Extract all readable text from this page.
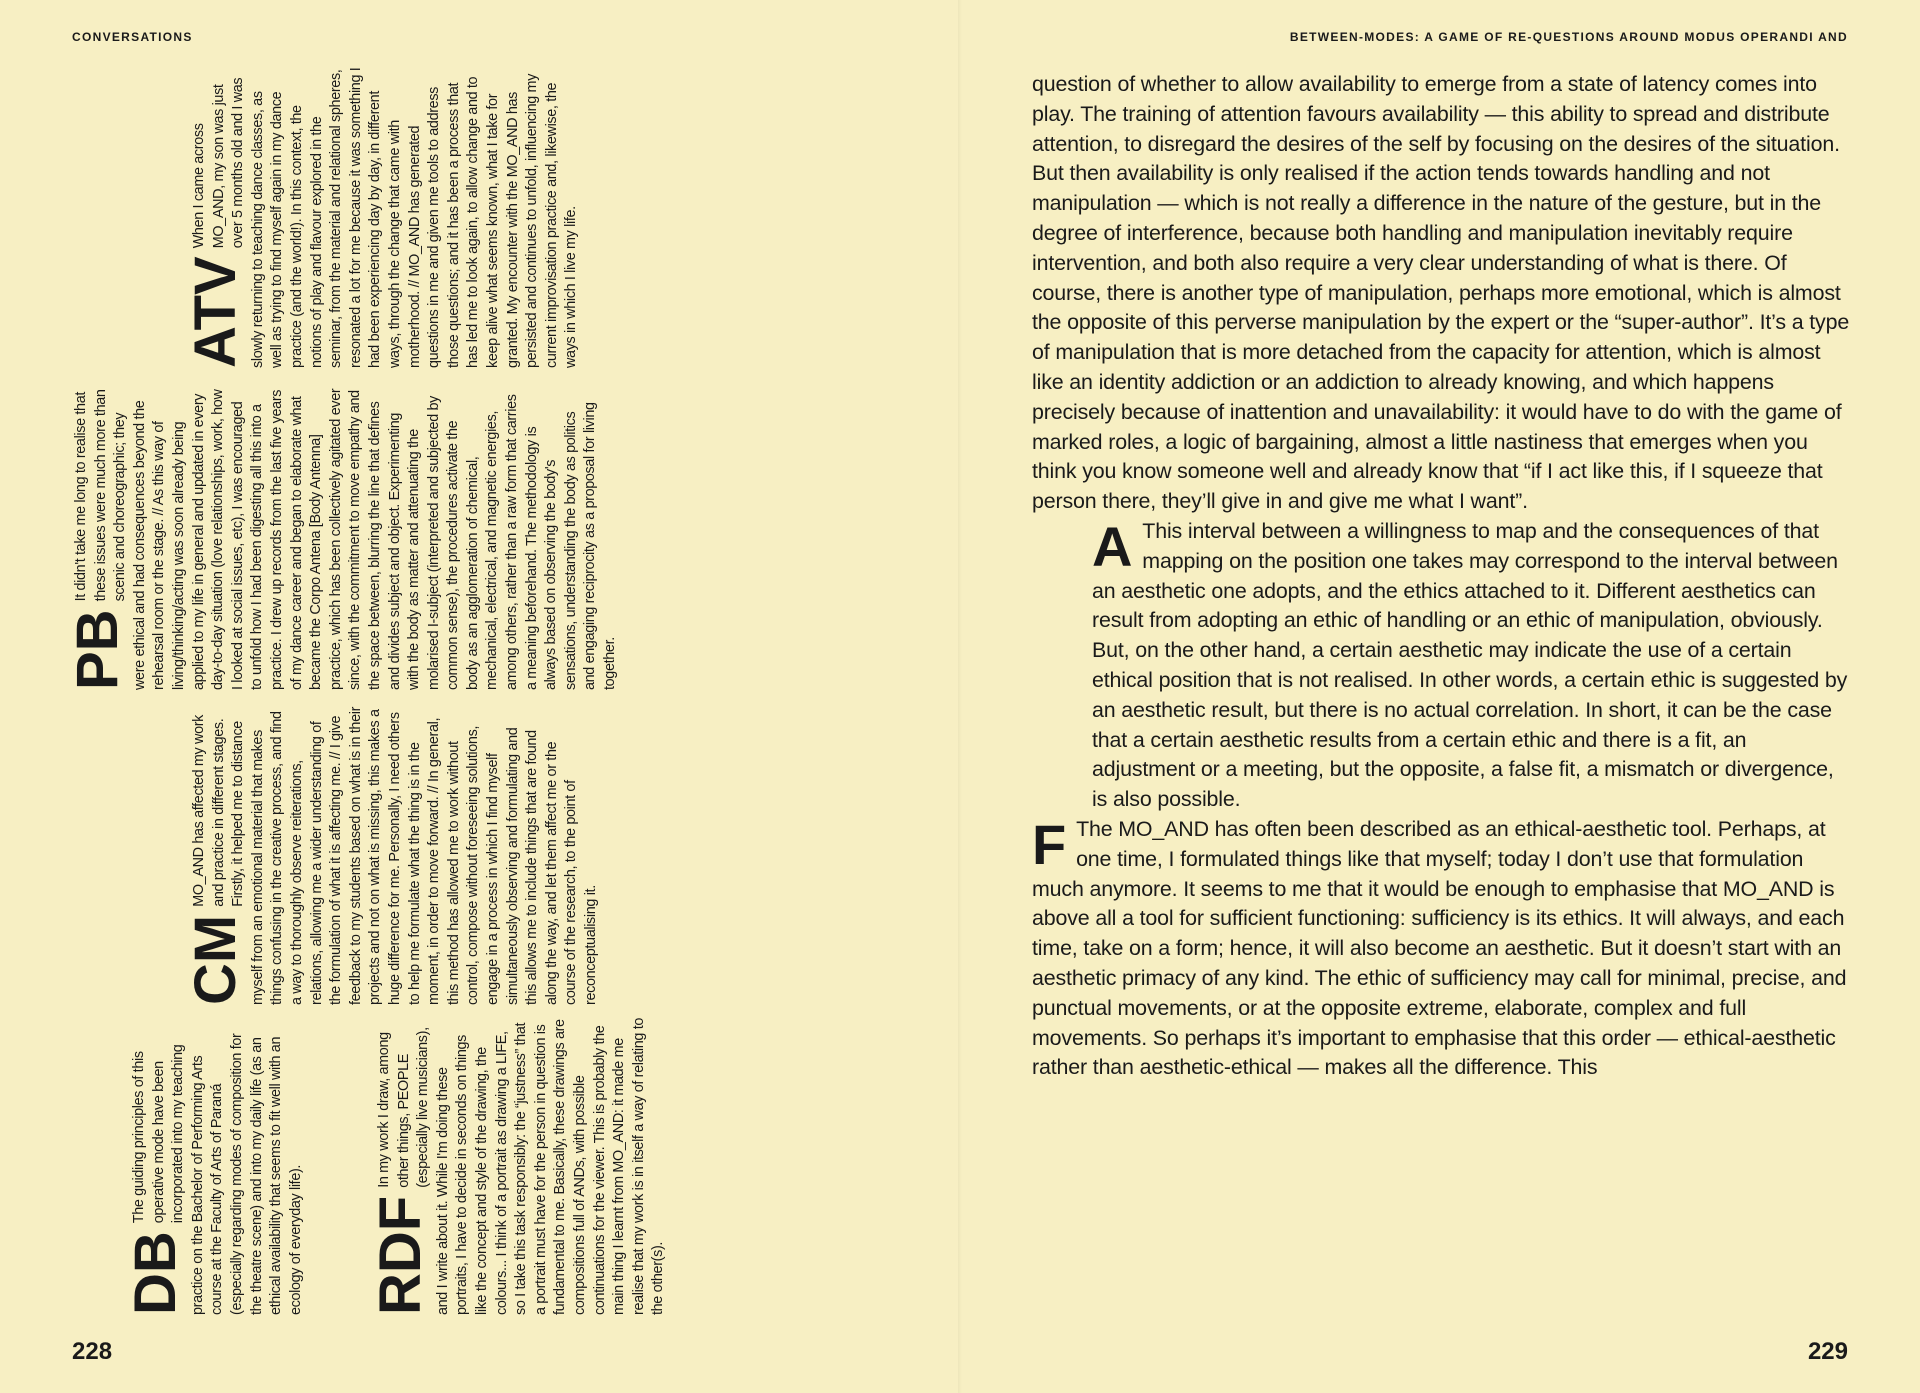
CONVERSATIONS
ATV
When I came across MO_AND, my son was just over 5 months old and I was slowly returning to teaching dance classes, as well as trying to find myself again in my dance practice (and the world!). In this context, the notions of play and flavour explored in the seminar, from the material and relational spheres, resonated a lot for me because it was something I had been experiencing day by day, in different ways, through the change that came with motherhood. // MO_AND has generated questions in me and given me tools to address those questions; and it has been a process that has led me to look again, to allow change and to keep alive what seems known, what I take for granted. My encounter with the MO_AND has persisted and continues to unfold, influencing my current improvisation practice and, likewise, the ways in which I live my life.
PB
It didn't take me long to realise that these issues were much more than scenic and choreographic; they were ethical and had consequences beyond the rehearsal room or the stage. // As this way of living/thinking/acting was soon already being applied to my life in general and updated in every day-to-day situation (love relationships, work, how I looked at social issues, etc), I was encouraged to unfold how I had been digesting all this into a practice. I drew up records from the last five years of my dance career and began to elaborate what became the Corpo Antena [Body Antenna] practice, which has been collectively agitated ever since, with the commitment to move empathy and the space between, blurring the line that defines and divides subject and object. Experimenting with the body as matter and attenuating the molarised I-subject (interpreted and subjected by common sense), the procedures activate the body as an agglomeration of chemical, mechanical, electrical, and magnetic energies, among others, rather than a raw form that carries a meaning beforehand. The methodology is always based on observing the body's sensations, understanding the body as politics and engaging reciprocity as a proposal for living together.
CM
MO_AND has affected my work and practice in different stages. Firstly, it helped me to distance myself from an emotional material that makes things confusing in the creative process, and find a way to thoroughly observe reiterations, relations, allowing me a wider understanding of the formulation of what it is affecting me. // I give feedback to my students based on what is in their projects and not on what is missing, this makes a huge difference for me. Personally, I need others to help me formulate what the thing is in the moment, in order to move forward. // In general, this method has allowed me to work without control, compose without foreseeing solutions, engage in a process in which I find myself simultaneously observing and formulating and this allows me to include things that are found along the way, and let them affect me or the course of the research, to the point of reconceptualising it.
DB
The guiding principles of this operative mode have been incorporated into my teaching practice on the Bachelor of Performing Arts course at the Faculty of Arts of Paraná (especially regarding modes of composition for the theatre scene) and into my daily life (as an ethical availability that seems to fit well with an ecology of everyday life). RDF
In my work I draw, among other things, PEOPLE (especially live musicians), and I write about it. While I'm doing these portraits, I have to decide in seconds on things like the concept and style of the drawing, the colours... I think of a portrait as drawing a LIFE, so I take this task responsibly: the “justness” that a portrait must have for the person in question is fundamental to me. Basically, these drawings are compositions full of ANDs, with possible continuations for the viewer. This is probably the main thing I learnt from MO_AND: it made me realise that my work is in itself a way of relating to the other(s).
228
BETWEEN-MODES: A GAME OF RE-QUESTIONS AROUND MODUS OPERANDI AND

question of whether to allow availability to emerge from a state of latency comes into play. The training of attention favours availability — this ability to spread and distribute attention, to disregard the desires of the self by focusing on the desires of the situation. But then availability is only realised if the action tends towards handling and not manipulation — which is not really a difference in the nature of the gesture, but in the degree of interference, because both handling and manipulation inevitably require intervention, and both also require a very clear understanding of what is there. Of course, there is another type of manipulation, perhaps more emotional, which is almost the opposite of this perverse manipulation by the expert or the “super-author”. It’s a type of manipulation that is more detached from the capacity for attention, which is almost like an identity addiction or an addiction to already knowing, and which happens precisely because of inattention and unavailability: it would have to do with the game of marked roles, a logic of bargaining, almost a little nastiness that emerges when you think you know someone well and already know that “if I act like this, if I squeeze that person there, they’ll give in and give me what I want”.

A This interval between a willingness to map and the consequences of that mapping on the position one takes may correspond to the interval between an aesthetic one adopts, and the ethics attached to it. Different aesthetics can result from adopting an ethic of handling or an ethic of manipulation, obviously. But, on the other hand, a certain aesthetic may indicate the use of a certain ethical position that is not realised. In other words, a certain ethic is suggested by an aesthetic result, but there is no actual correlation. In short, it can be the case that a certain aesthetic results from a certain ethic and there is a fit, an adjustment or a meeting, but the opposite, a false fit, a mismatch or divergence, is also possible.

F The MO_AND has often been described as an ethical-aesthetic tool. Perhaps, at one time, I formulated things like that myself; today I don’t use that formulation much anymore. It seems to me that it would be enough to emphasise that MO_AND is above all a tool for sufficient functioning: sufficiency is its ethics. It will always, and each time, take on a form; hence, it will also become an aesthetic. But it doesn’t start with an aesthetic primacy of any kind. The ethic of sufficiency may call for minimal, precise, and punctual movements, or at the opposite extreme, elaborate, complex and full movements. So perhaps it’s important to emphasise that this order — ethical-aesthetic rather than aesthetic-ethical — makes all the difference. This

229
